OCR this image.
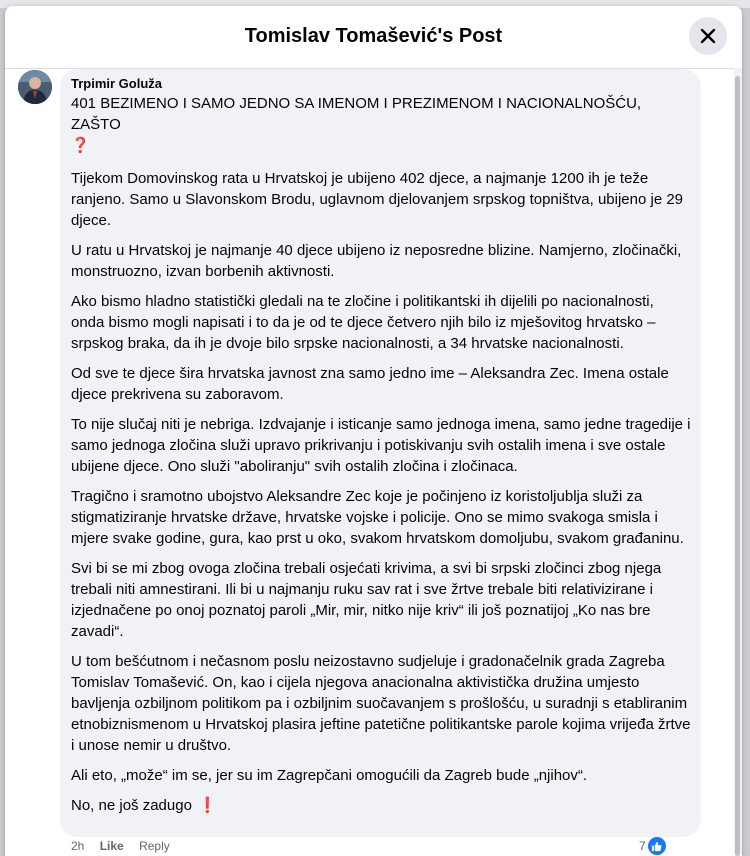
Tomislav Tomašević's Post
Trpimir Goluža

401 BEZIMENO I SAMO JEDNO SA IMENOM I PREZIMENOM I NACIONALNOŠĆU, ZAŠTO
❓

Tijekom Domovinskog rata u Hrvatskoj je ubijeno 402 djece, a najmanje 1200 ih je teže ranjeno. Samo u Slavonskom Brodu, uglavnom djelovanjem srpskog topništva, ubijeno je 29 djece.

U ratu u Hrvatskoj je najmanje 40 djece ubijeno iz neposredne blizine. Namjerno, zločinački, monstruozno, izvan borbenih aktivnosti.

Ako bismo hladno statistički gledali na te zločine i politikantski ih dijelili po nacionalnosti, onda bismo mogli napisati i to da je od te djece četvero njih bilo iz mješovitog hrvatsko – srpskog braka, da ih je dvoje bilo srpske nacionalnosti, a 34 hrvatske nacionalnosti.

Od sve te djece šira hrvatska javnost zna samo jedno ime – Aleksandra Zec. Imena ostale djece prekrivena su zaboravom.

To nije slučaj niti je nebriga. Izdvajanje i isticanje samo jednoga imena, samo jedne tragedije i samo jednoga zločina služi upravo prikrivanju i potiskivanju svih ostalih imena i sve ostale ubijene djece. Ono služi "aboliranju" svih ostalih zločina i zločinaca.

Tragično i sramotno ubojstvo Aleksandre Zec koje je počinjeno iz koristoljublja služi za stigmatiziranje hrvatske države, hrvatske vojske i policije. Ono se mimo svakoga smisla i mjere svake godine, gura, kao prst u oko, svakom hrvatskom domoljubu, svakom građaninu.

Svi bi se mi zbog ovoga zločina trebali osjećati krivima, a svi bi srpski zločinci zbog njega trebali niti amnestirani. Ili bi u najmanju ruku sav rat i sve žrtve trebale biti relativizirane i izjednačene po onoj poznatoj paroli „Mir, mir, nitko nije kriv“ ili još poznatijoj „Ko nas bre zavadi“.

U tom bešćutnom i nečasnom poslu neizostavno sudjeluje i gradonačelnik grada Zagreba Tomislav Tomašević. On, kao i cijela njegova anacionalna aktivistička družina umjesto bavljenja ozbiljnom politikom pa i ozbiljnim suočavanjem s prošlošću, u suradnji s etabliranim etnobiznismenom u Hrvatskoj plasira jeftine patetične politikantske parole kojima vrijeđa žrtve i unose nemir u društvo.

Ali eto, „može“ im se, jer su im Zagrepčani omogućili da Zagreb bude „njihov“.

No, ne još zadugo ❗

2h Like Reply	7
